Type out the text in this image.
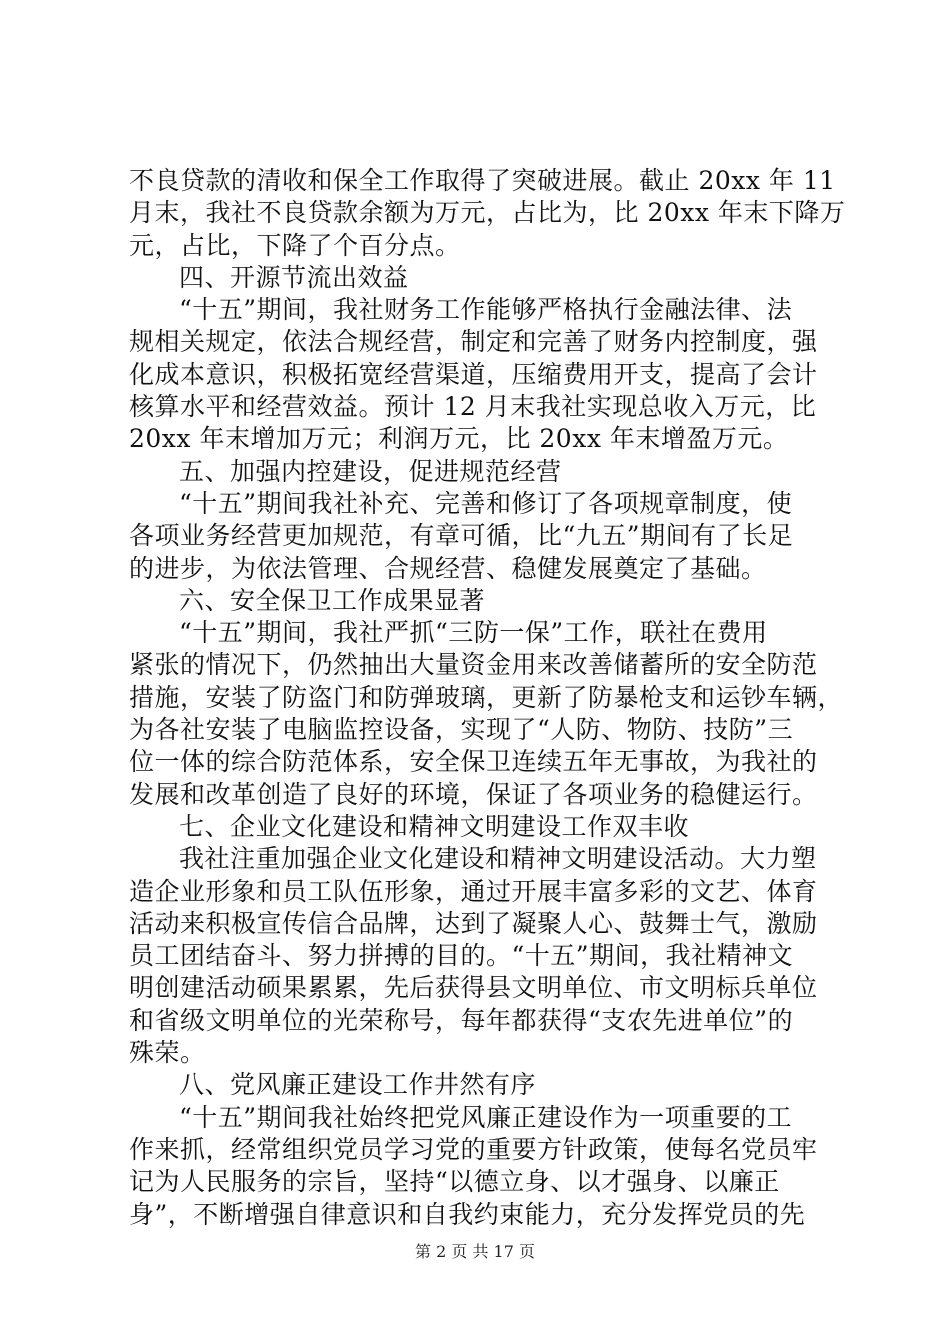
不良贷款的清收和保全工作取得了突破进展。截止 20xx 年 11
月末，我社不良贷款余额为万元，占比为，比 20xx 年末下降万
元，占比，下降了个百分点。
四、开源节流出效益
“十五”期间，我社财务工作能够严格执行金融法律、法
规相关规定，依法合规经营，制定和完善了财务内控制度，强
化成本意识，积极拓宽经营渠道，压缩费用开支，提高了会计
核算水平和经营效益。预计 12 月末我社实现总收入万元，比
20xx 年末增加万元；利润万元，比 20xx 年末增盈万元。
五、加强内控建设，促进规范经营
“十五”期间我社补充、完善和修订了各项规章制度，使
各项业务经营更加规范，有章可循，比“九五”期间有了长足
的进步，为依法管理、合规经营、稳健发展奠定了基础。
六、安全保卫工作成果显著
“十五”期间，我社严抓“三防一保”工作，联社在费用
紧张的情况下，仍然抽出大量资金用来改善储蓄所的安全防范
措施，安装了防盗门和防弹玻璃，更新了防暴枪支和运钞车辆，
为各社安装了电脑监控设备，实现了“人防、物防、技防”三
位一体的综合防范体系，安全保卫连续五年无事故，为我社的
发展和改革创造了良好的环境，保证了各项业务的稳健运行。
七、企业文化建设和精神文明建设工作双丰收
我社注重加强企业文化建设和精神文明建设活动。大力塑
造企业形象和员工队伍形象，通过开展丰富多彩的文艺、体育
活动来积极宣传信合品牌，达到了凝聚人心、鼓舞士气，激励
员工团结奋斗、努力拼搏的目的。“十五”期间，我社精神文
明创建活动硕果累累，先后获得县文明单位、市文明标兵单位
和省级文明单位的光荣称号，每年都获得“支农先进单位”的
殊荣。
八、党风廉正建设工作井然有序
“十五”期间我社始终把党风廉正建设作为一项重要的工
作来抓，经常组织党员学习党的重要方针政策，使每名党员牢
记为人民服务的宗旨，坚持“以德立身、以才强身、以廉正
身”，不断增强自律意识和自我约束能力，充分发挥党员的先
第 2 页 共 17 页
